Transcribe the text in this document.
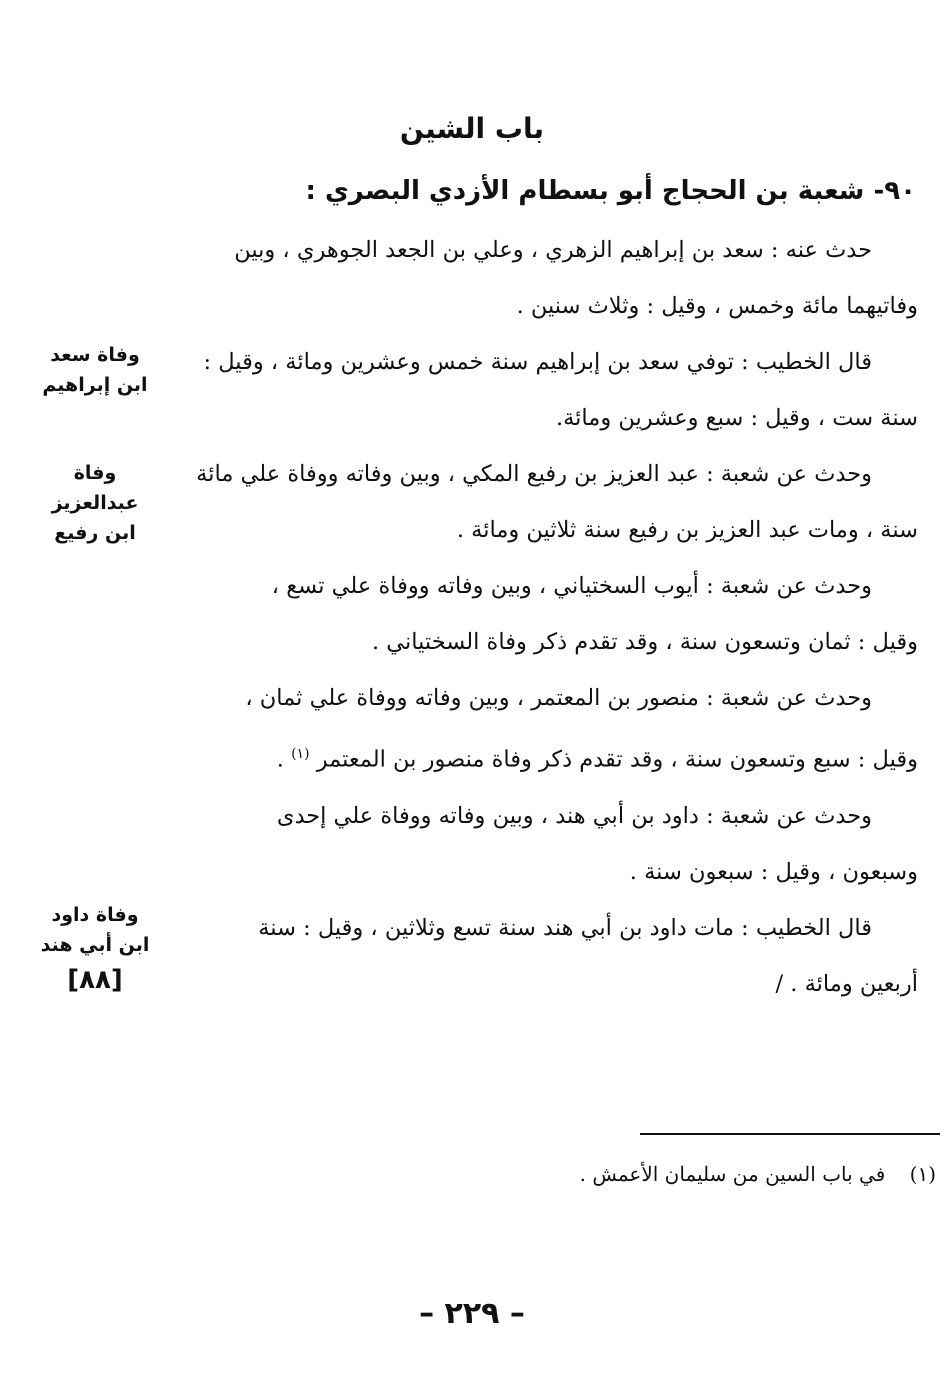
باب الشين
٩٠- شعبة بن الحجاج أبو بسطام الأزدي البصري :

حدث عنه : سعد بن إبراهيم الزهري ، وعلي بن الجعد الجوهري ، وبين
وفاتيهما مائة وخمس ، وقيل : وثلاث سنين .

قال الخطيب : توفي سعد بن إبراهيم سنة خمس وعشرين ومائة ، وقيل :
سنة ست ، وقيل : سبع وعشرين ومائة.

وحدث عن شعبة : عبد العزيز بن رفيع المكي ، وبين وفاته ووفاة علي مائة
سنة ، ومات عبد العزيز بن رفيع سنة ثلاثين ومائة .

وحدث عن شعبة : أيوب السختياني ، وبين وفاته ووفاة علي تسع ،
وقيل : ثمان وتسعون سنة ، وقد تقدم ذكر وفاة السختياني .

وحدث عن شعبة : منصور بن المعتمر ، وبين وفاته ووفاة علي ثمان ،
وقيل : سبع وتسعون سنة ، وقد تقدم ذكر وفاة منصور بن المعتمر $^{(١)}$ .

وحدث عن شعبة : داود بن أبي هند ، وبين وفاته ووفاة علي إحدى
وسبعون ، وقيل : سبعون سنة .

قال الخطيب : مات داود بن أبي هند سنة تسع وثلاثين ، وقيل : سنة
أربعين ومائة . /

وفاة سعد
ابن إبراهيم
وفاة
عبدالعزيز
ابن رفيع
وفاة داود
ابن أبي هند
[٨٨]
(١) في باب السين من سليمان الأعمش .
– ٢٢٩ –
